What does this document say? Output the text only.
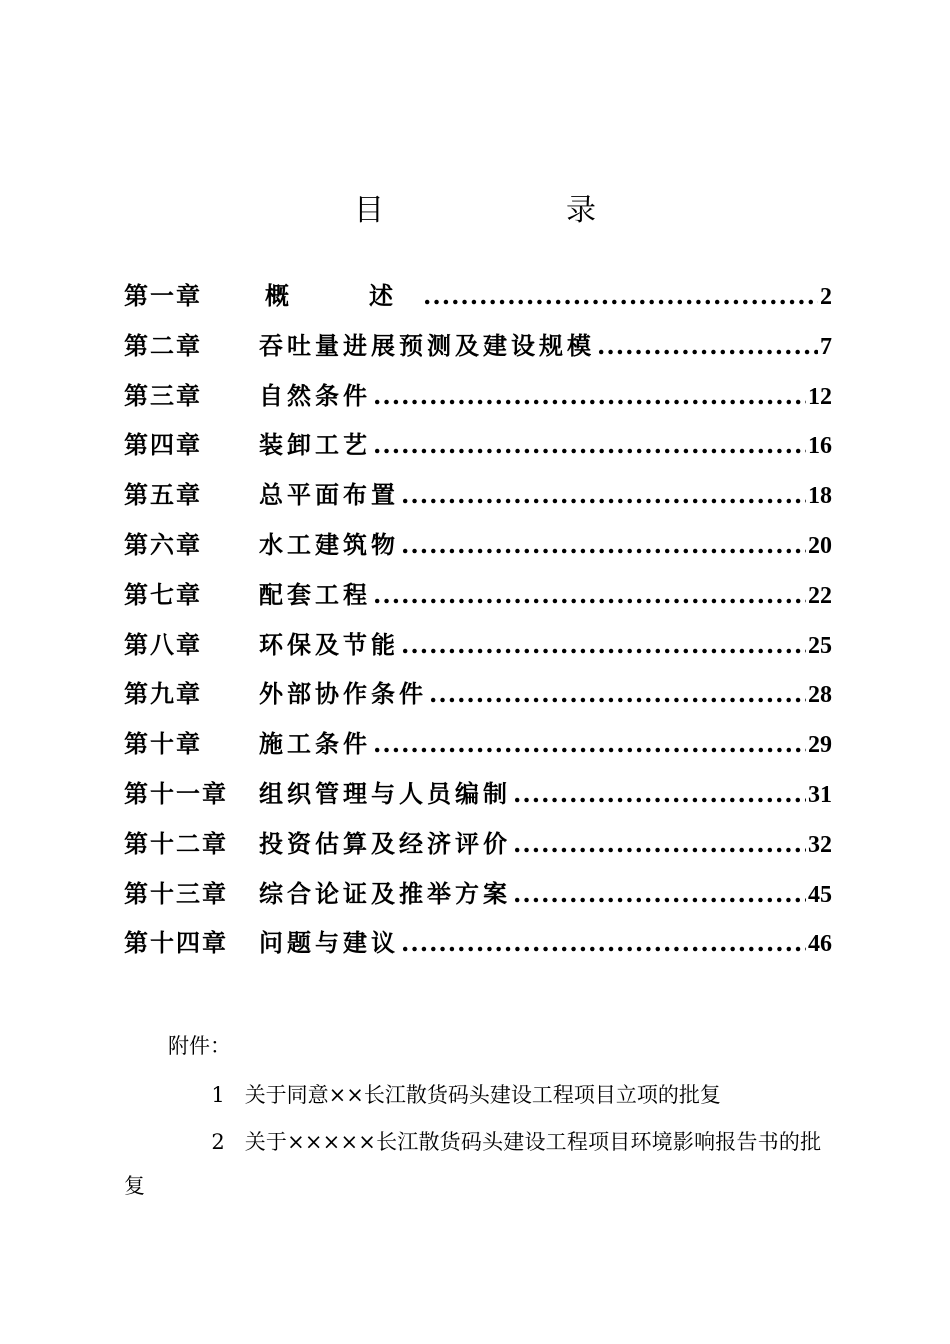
目　录
第一章	概　述 .....	2
第二章	吞吐量进展预测及建设规模 .....	7
第三章	自然条件 .....	12
第四章	装卸工艺 .....	16
第五章	总平面布置 .....	18
第六章	水工建筑物 .....	20
第七章	配套工程 .....	22
第八章	环保及节能 .....	25
第九章	外部协作条件 .....	28
第十章	施工条件 .....	29
第十一章	组织管理与人员编制 .....	31
第十二章	投资估算及经济评价 .....	32
第十三章	综合论证及推举方案 .....	45
第十四章	问题与建议 .....	46
附件：
1 关于同意××长江散货码头建设工程项目立项的批复
2 关于×××××长江散货码头建设工程项目环境影响报告书的批复
